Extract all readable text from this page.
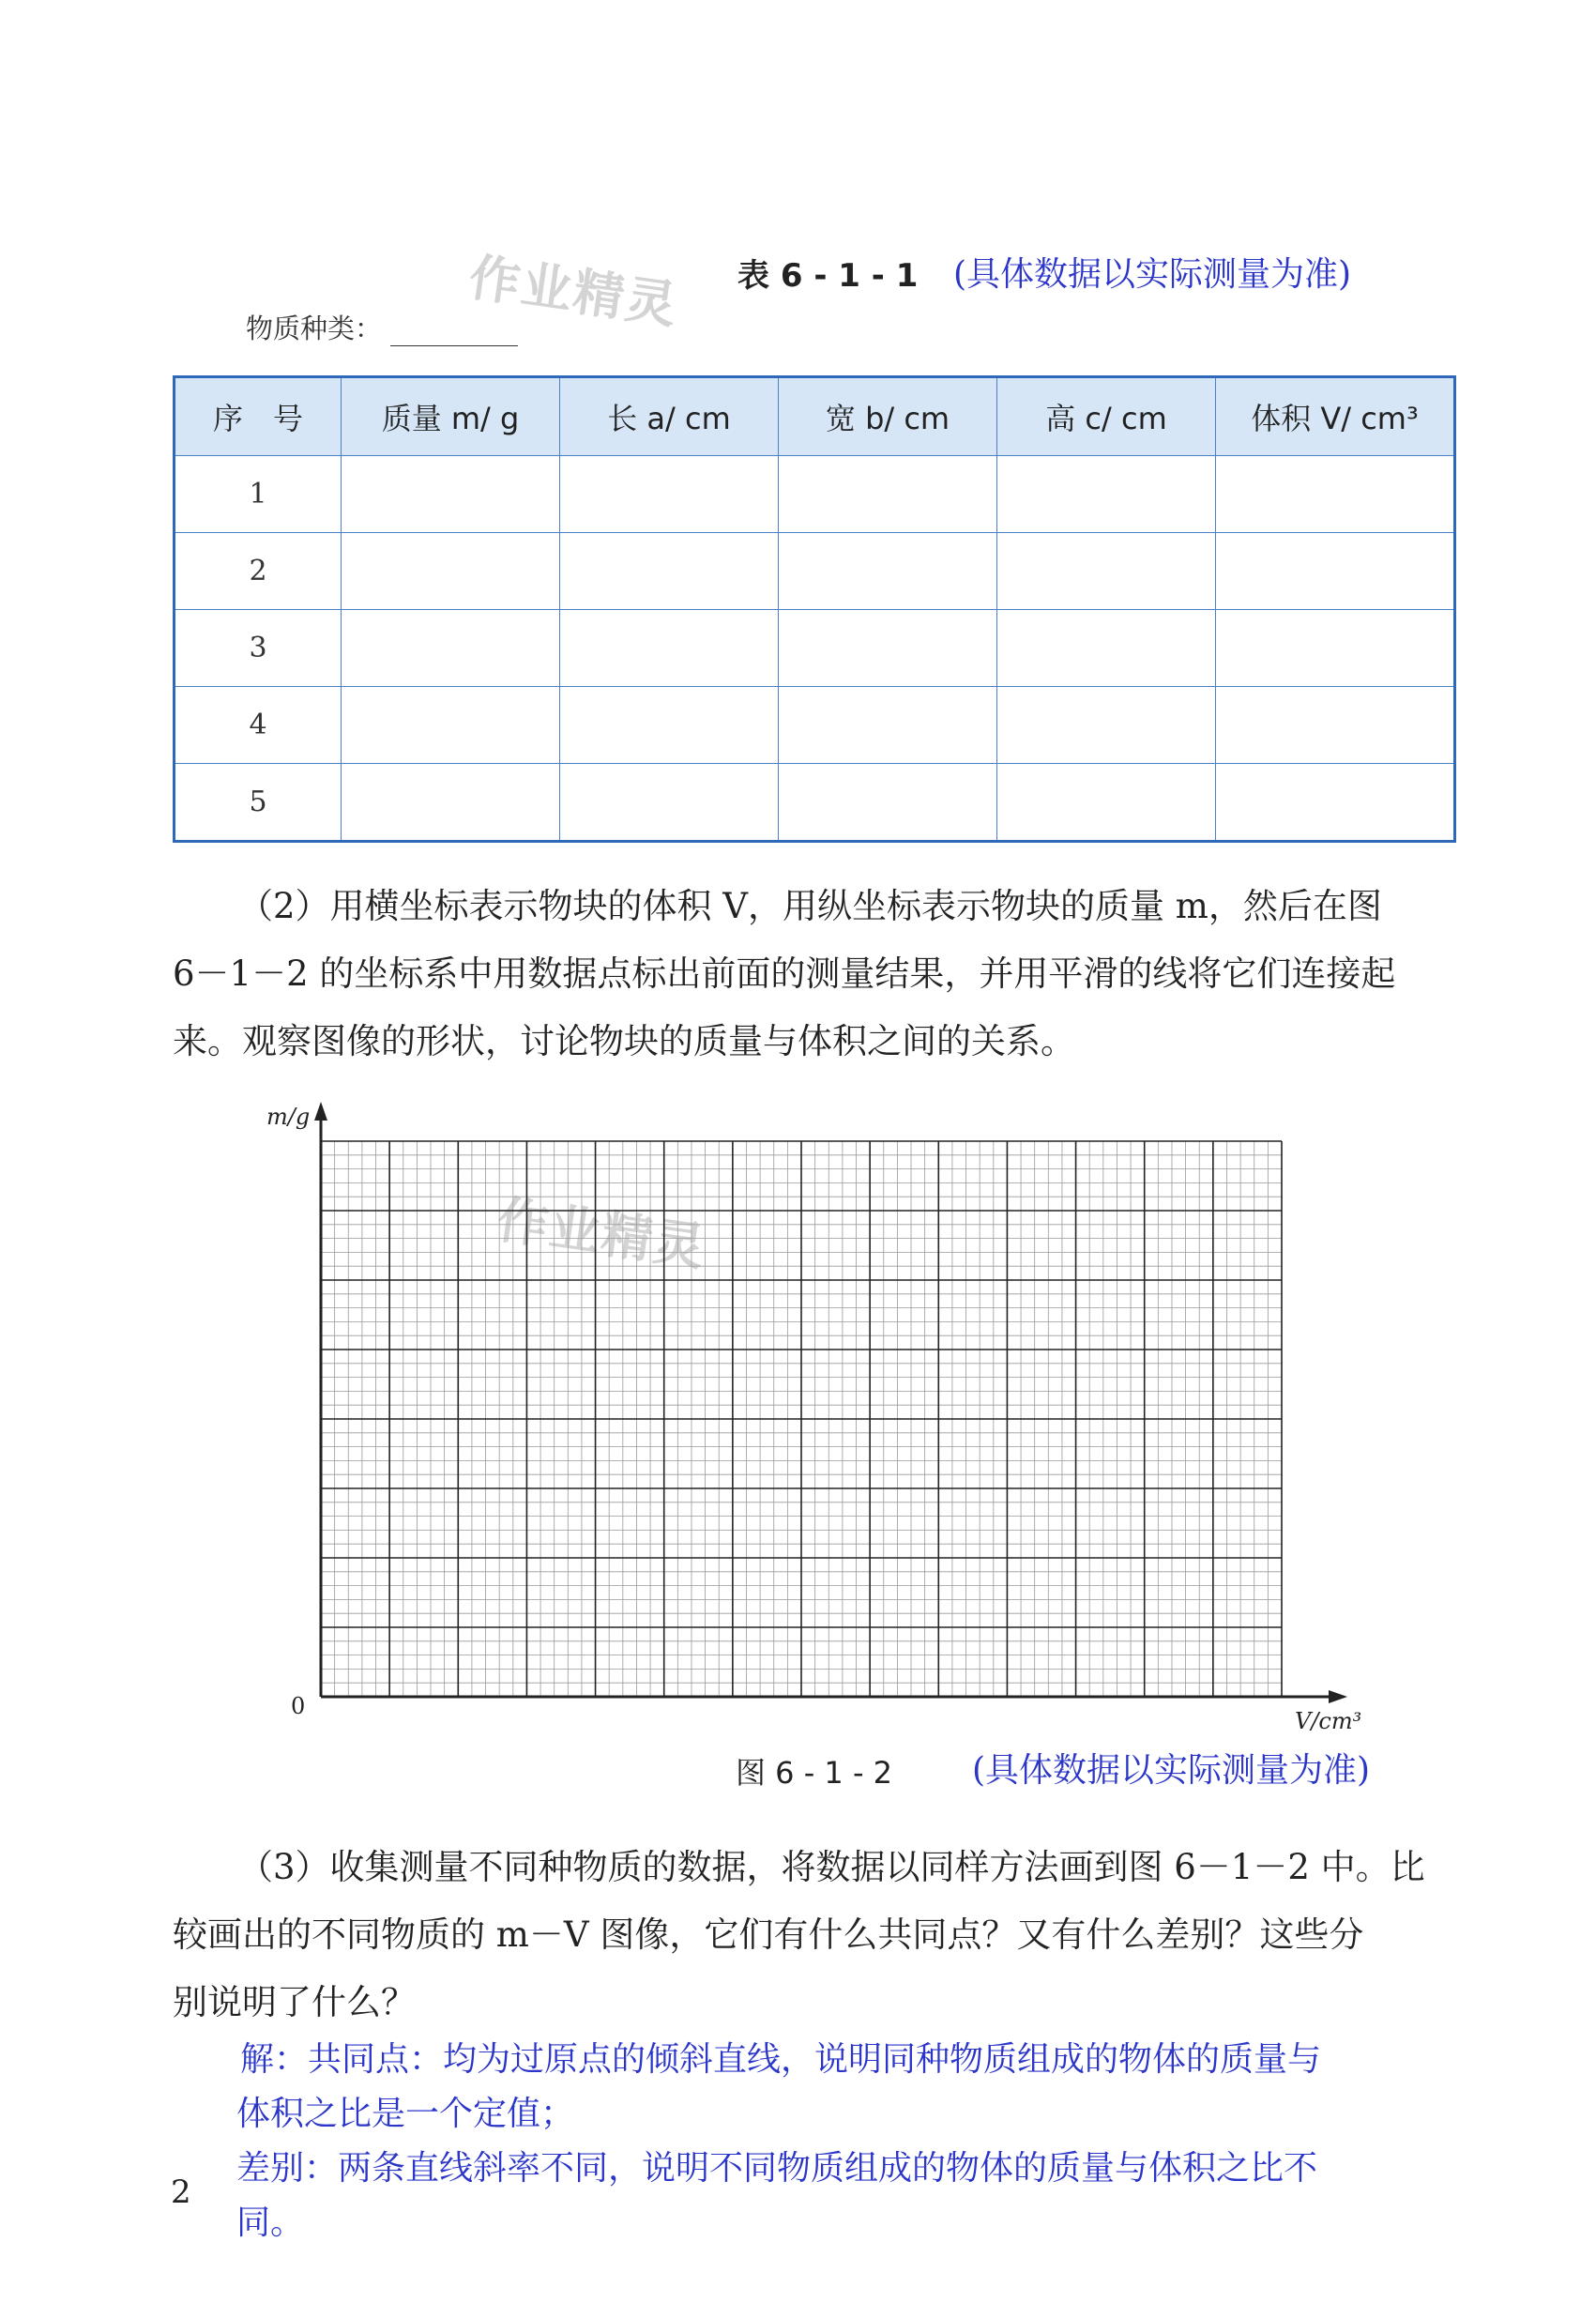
作业精灵
作业精灵
表 6 - 1 - 1 (具体数据以实际测量为准)
物质种类：
序　号	质量 m/ g	长 a/ cm	宽 b/ cm	高 c/ cm	体积 V/ cm³
1					
2					
3					
4					
5					
（2）用横坐标表示物块的体积 V，用纵坐标表示物块的质量 m，然后在图
6－1－2 的坐标系中用数据点标出前面的测量结果，并用平滑的线将它们连接起
来。观察图像的形状，讨论物块的质量与体积之间的关系。
m/g
V/cm³
0
图 6 - 1 - 2 (具体数据以实际测量为准)
（3）收集测量不同种物质的数据，将数据以同样方法画到图 6－1－2 中。比
较画出的不同物质的 m－V 图像，它们有什么共同点？又有什么差别？这些分
别说明了什么？
解：共同点：均为过原点的倾斜直线，说明同种物质组成的物体的质量与
体积之比是一个定值；
差别：两条直线斜率不同，说明不同物质组成的物体的质量与体积之比不
同。
2
